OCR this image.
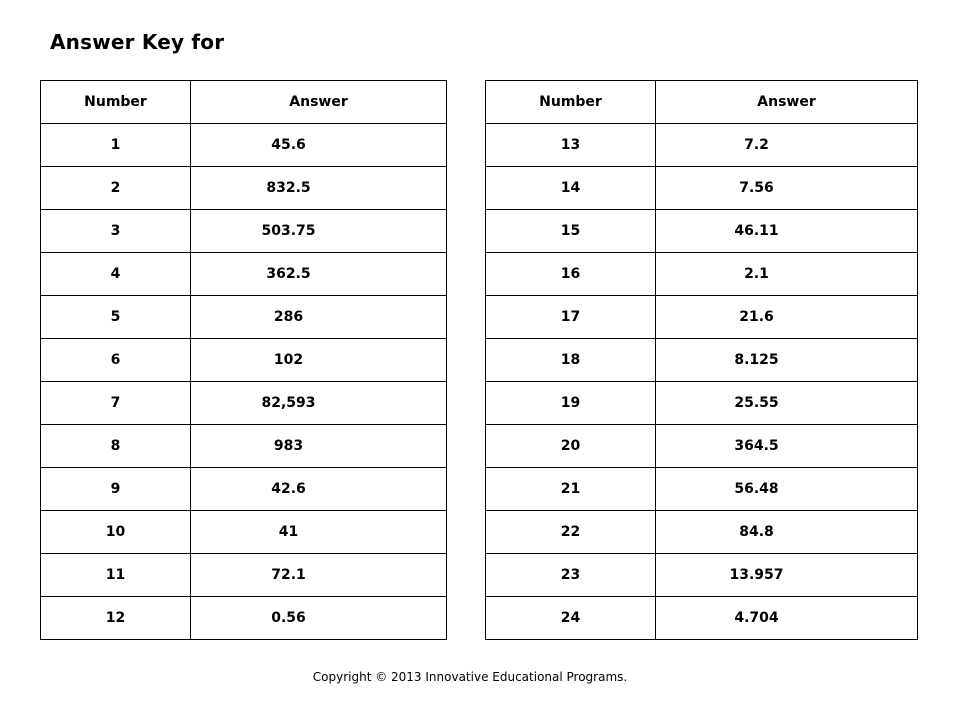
Answer Key for
Number	Answer
1	45.6
2	832.5
3	503.75
4	362.5
5	286
6	102
7	82,593
8	983
9	42.6
10	41
11	72.1
12	0.56
Number	Answer
13	7.2
14	7.56
15	46.11
16	2.1
17	21.6
18	8.125
19	25.55
20	364.5
21	56.48
22	84.8
23	13.957
24	4.704
Copyright © 2013 Innovative Educational Programs.
